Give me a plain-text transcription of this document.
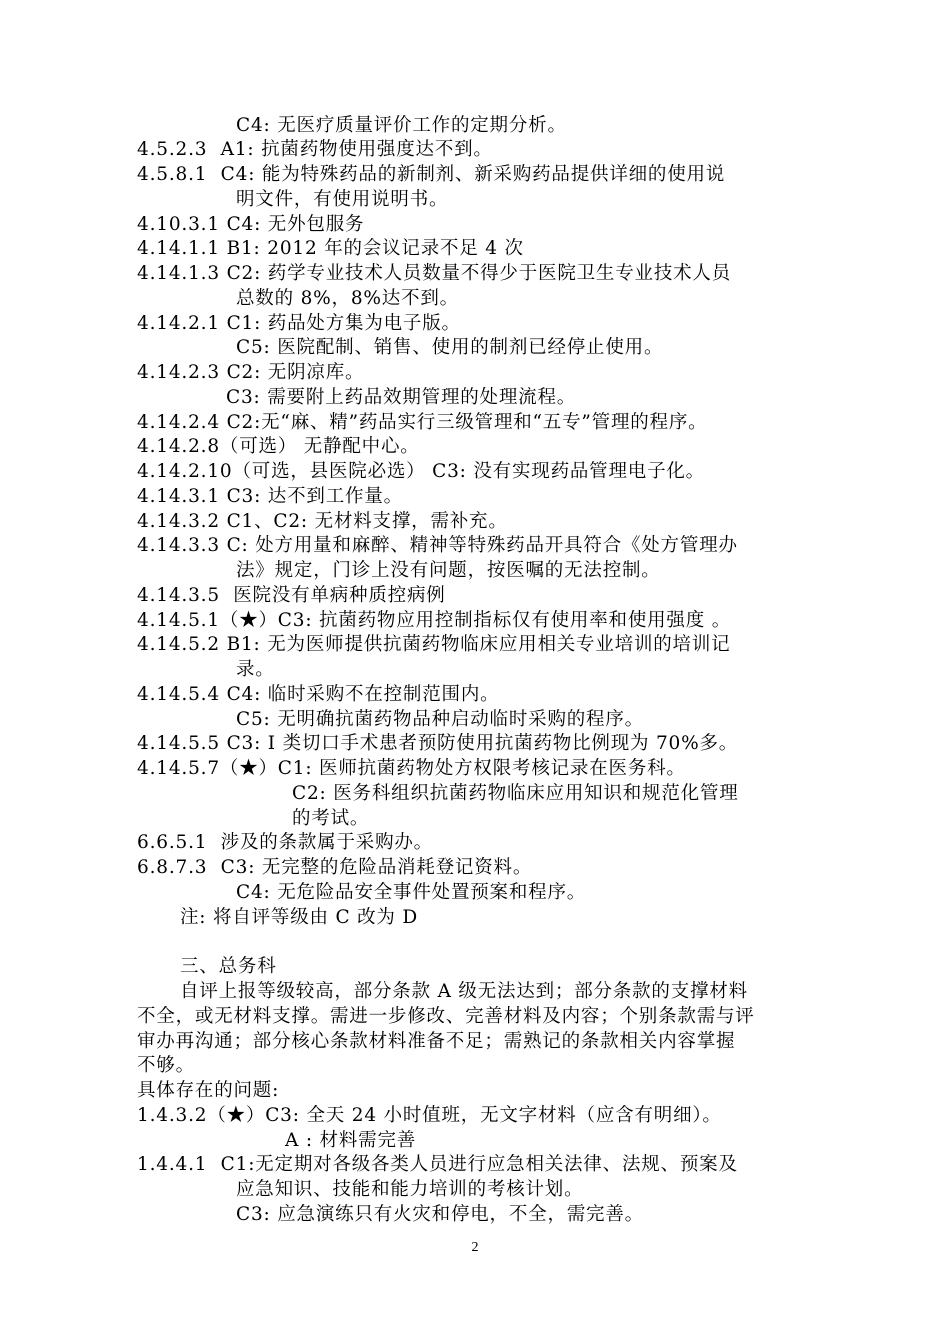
C4: 无医疗质量评价工作的定期分析。
4.5.2.3  A1: 抗菌药物使用强度达不到。
4.5.8.1  C4: 能为特殊药品的新制剂、新采购药品提供详细的使用说
明文件，有使用说明书。
4.10.3.1 C4: 无外包服务
4.14.1.1 B1: 2012 年的会议记录不足 4 次
4.14.1.3 C2: 药学专业技术人员数量不得少于医院卫生专业技术人员
总数的 8%，8%达不到。
4.14.2.1 C1: 药品处方集为电子版。
C5: 医院配制、销售、使用的制剂已经停止使用。
4.14.2.3 C2: 无阴凉库。
C3: 需要附上药品效期管理的处理流程。
4.14.2.4 C2:无“麻、精”药品实行三级管理和“五专”管理的程序。
4.14.2.8（可选） 无静配中心。
4.14.2.10（可选，县医院必选） C3: 没有实现药品管理电子化。
4.14.3.1 C3: 达不到工作量。
4.14.3.2 C1、C2: 无材料支撑，需补充。
4.14.3.3 C: 处方用量和麻醉、精神等特殊药品开具符合《处方管理办
法》规定，门诊上没有问题，按医嘱的无法控制。
4.14.3.5  医院没有单病种质控病例
4.14.5.1（★）C3: 抗菌药物应用控制指标仅有使用率和使用强度 。
4.14.5.2 B1: 无为医师提供抗菌药物临床应用相关专业培训的培训记
录。
4.14.5.4 C4: 临时采购不在控制范围内。
C5: 无明确抗菌药物品种启动临时采购的程序。
4.14.5.5 C3: Ⅰ 类切口手术患者预防使用抗菌药物比例现为 70%多。
4.14.5.7（★）C1: 医师抗菌药物处方权限考核记录在医务科。
C2: 医务科组织抗菌药物临床应用知识和规范化管理
的考试。
6.6.5.1  涉及的条款属于采购办。
6.8.7.3  C3: 无完整的危险品消耗登记资料。
C4: 无危险品安全事件处置预案和程序。
注: 将自评等级由 C 改为 D
三、总务科
自评上报等级较高，部分条款 A 级无法达到；部分条款的支撑材料
不全，或无材料支撑。需进一步修改、完善材料及内容；个别条款需与评
审办再沟通；部分核心条款材料准备不足；需熟记的条款相关内容掌握
不够。
具体存在的问题:
1.4.3.2（★）C3: 全天 24 小时值班，无文字材料（应含有明细）。
A : 材料需完善
1.4.4.1  C1:无定期对各级各类人员进行应急相关法律、法规、预案及
应急知识、技能和能力培训的考核计划。
C3: 应急演练只有火灾和停电，不全，需完善。
2
